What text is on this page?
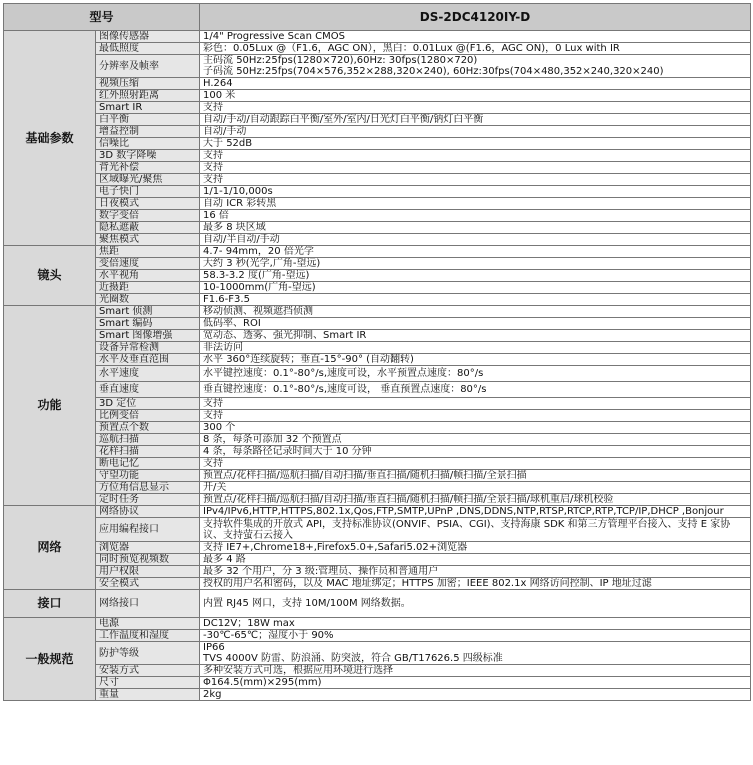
型号		DS-2DC4120IY-D
基础参数	图像传感器	1/4" Progressive Scan CMOS
	最低照度	彩色：0.05Lux @（F1.6，AGC ON），黑白：0.01Lux @(F1.6，AGC ON)，0 Lux with IR
	分辨率及帧率	主码流 50Hz:25fps(1280×720),60Hz: 30fps(1280×720)
子码流 50Hz:25fps(704×576,352×288,320×240), 60Hz:30fps(704×480,352×240,320×240)
	视频压缩	H.264
	红外照射距离	100 米
	Smart IR	支持
	白平衡	自动/手动/自动跟踪白平衡/室外/室内/日光灯白平衡/钠灯白平衡
	增益控制	自动/手动
	信噪比	大于 52dB
	3D 数字降噪	支持
	背光补偿	支持
	区域曝光/聚焦	支持
	电子快门	1/1-1/10,000s
	日夜模式	自动 ICR 彩转黑
	数字变倍	16 倍
	隐私遮蔽	最多 8 块区域
	聚焦模式	自动/半自动/手动
镜头	焦距	4.7- 94mm，20 倍光学
	变倍速度	大约 3 秒(光学,广角-望远)
	水平视角	58.3-3.2 度(广角-望远)
	近摄距	10-1000mm(广角-望远)
	光圈数	F1.6-F3.5
功能	Smart 侦测	移动侦测、视频遮挡侦测
	Smart 编码	低码率、ROI
	Smart 图像增强	宽动态、透雾、强光抑制、Smart IR
	设备异常检测	非法访问
	水平及垂直范围	水平 360°连续旋转；垂直-15°-90° (自动翻转)
	水平速度	水平键控速度：0.1°-80°/s,速度可设，水平预置点速度：80°/s
	垂直速度	垂直键控速度：0.1°-80°/s,速度可设， 垂直预置点速度：80°/s
	3D 定位	支持
	比例变倍	支持
	预置点个数	300 个
	巡航扫描	8 条，每条可添加 32 个预置点
	花样扫描	4 条，每条路径记录时间大于 10 分钟
	断电记忆	支持
	守望功能	预置点/花样扫描/巡航扫描/自动扫描/垂直扫描/随机扫描/帧扫描/全景扫描
	方位角信息显示	开/关
	定时任务	预置点/花样扫描/巡航扫描/自动扫描/垂直扫描/随机扫描/帧扫描/全景扫描/球机重启/球机校验
网络	网络协议	IPv4/IPv6,HTTP,HTTPS,802.1x,Qos,FTP,SMTP,UPnP ,DNS,DDNS,NTP,RTSP,RTCP,RTP,TCP/IP,DHCP ,Bonjour
	应用编程接口	支持软件集成的开放式 API，支持标准协议(ONVIF、PSIA、CGI)、支持海康 SDK 和第三方管理平台接入、支持 E 家协议、支持萤石云接入
	浏览器	支持 IE7+,Chrome18+,Firefox5.0+,Safari5.02+浏览器
	同时预览视频数	最多 4 路
	用户权限	最多 32 个用户，分 3 级:管理员、操作员和普通用户
	安全模式	授权的用户名和密码，以及 MAC 地址绑定；HTTPS 加密；IEEE 802.1x 网络访问控制、IP 地址过滤
接口	网络接口	内置 RJ45 网口，支持 10M/100M 网络数据。
一般规范	电源	DC12V；18W max
	工作温度和湿度	-30℃-65℃；湿度小于 90%
	防护等级	IP66
TVS 4000V 防雷、防浪涌、防突波，符合 GB/T17626.5 四级标准
	安装方式	多种安装方式可选，根据应用环境进行选择
	尺寸	Φ164.5(mm)×295(mm)
	重量	2kg
